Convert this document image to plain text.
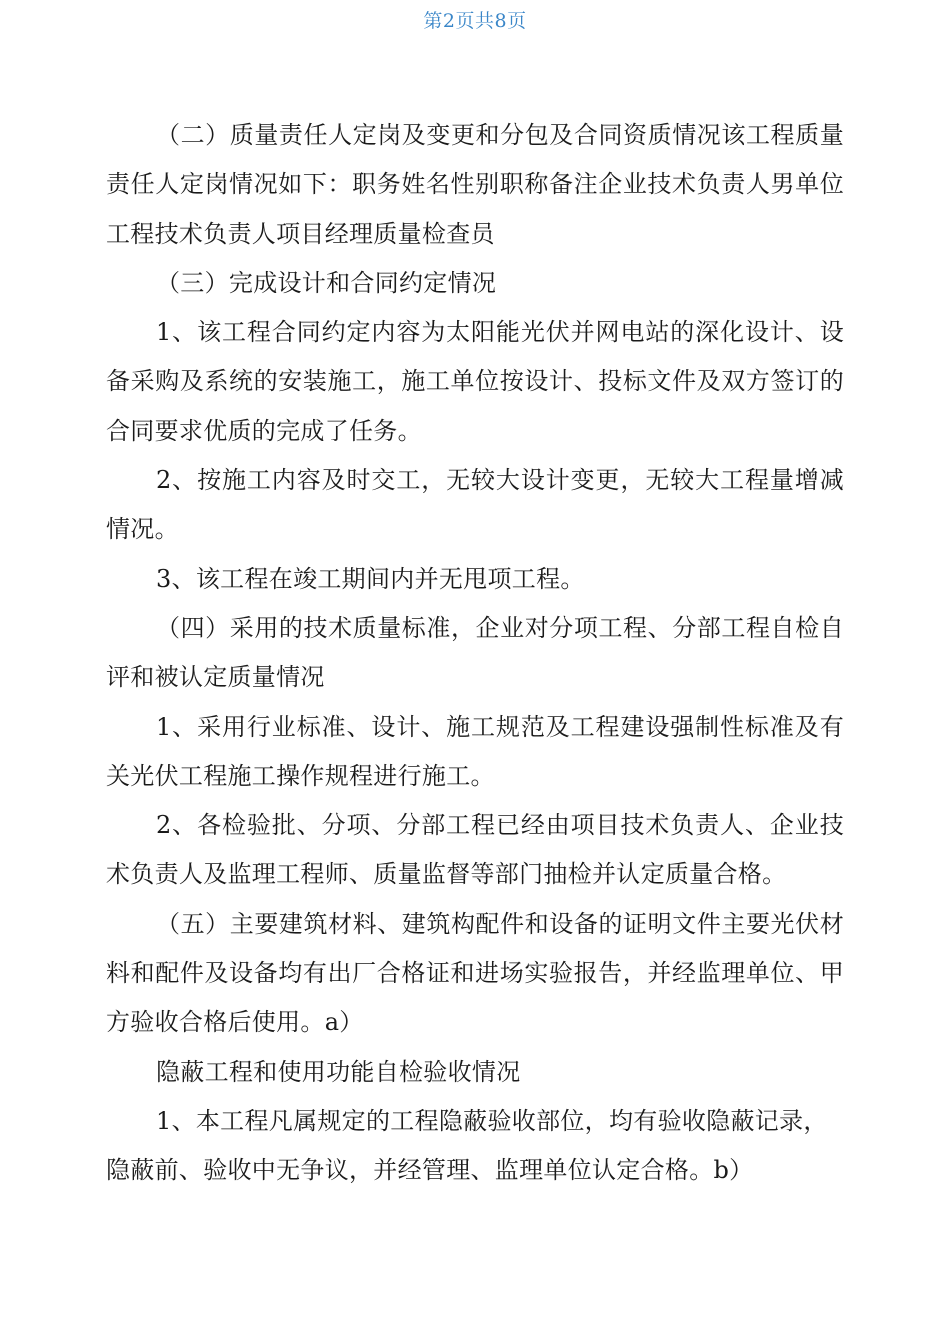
第2页共8页

（二）质量责任人定岗及变更和分包及合同资质情况该工程质量责任人定岗情况如下：职务姓名性别职称备注企业技术负责人男单位工程技术负责人项目经理质量检查员

（三）完成设计和合同约定情况

1、该工程合同约定内容为太阳能光伏并网电站的深化设计、设备采购及系统的安装施工，施工单位按设计、投标文件及双方签订的合同要求优质的完成了任务。

2、按施工内容及时交工，无较大设计变更，无较大工程量增减情况。

3、该工程在竣工期间内并无甩项工程。

（四）采用的技术质量标准，企业对分项工程、分部工程自检自评和被认定质量情况

1、采用行业标准、设计、施工规范及工程建设强制性标准及有关光伏工程施工操作规程进行施工。

2、各检验批、分项、分部工程已经由项目技术负责人、企业技术负责人及监理工程师、质量监督等部门抽检并认定质量合格。

（五）主要建筑材料、建筑构配件和设备的证明文件主要光伏材料和配件及设备均有出厂合格证和进场实验报告，并经监理单位、甲方验收合格后使用。a）

隐蔽工程和使用功能自检验收情况

1、本工程凡属规定的工程隐蔽验收部位，均有验收隐蔽记录，隐蔽前、验收中无争议，并经管理、监理单位认定合格。b）
